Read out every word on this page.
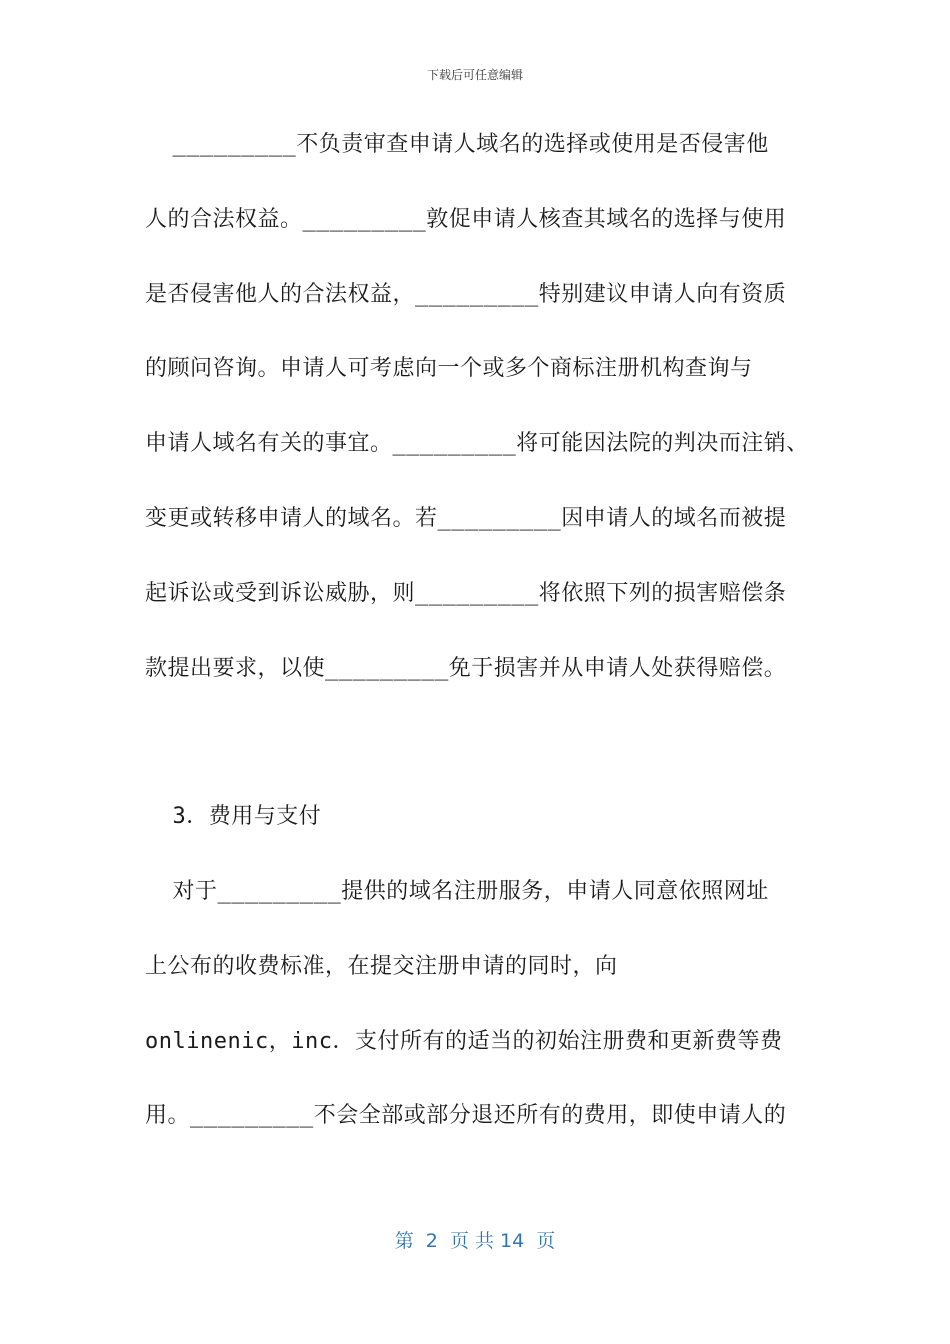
下载后可任意编辑
_________不负责审查申请人域名的选择或使用是否侵害他
人的合法权益。_________敦促申请人核查其域名的选择与使用
是否侵害他人的合法权益，_________特别建议申请人向有资质
的顾问咨询。申请人可考虑向一个或多个商标注册机构查询与
申请人域名有关的事宜。_________将可能因法院的判决而注销、
变更或转移申请人的域名。若_________因申请人的域名而被提
起诉讼或受到诉讼威胁，则_________将依照下列的损害赔偿条
款提出要求，以使_________免于损害并从申请人处获得赔偿。
3．费用与支付
对于_________提供的域名注册服务，申请人同意依照网址
上公布的收费标准，在提交注册申请的同时，向
onlinenic，inc．支付所有的适当的初始注册费和更新费等费
用。_________不会全部或部分退还所有的费用，即使申请人的
第  2  页 共 14  页
